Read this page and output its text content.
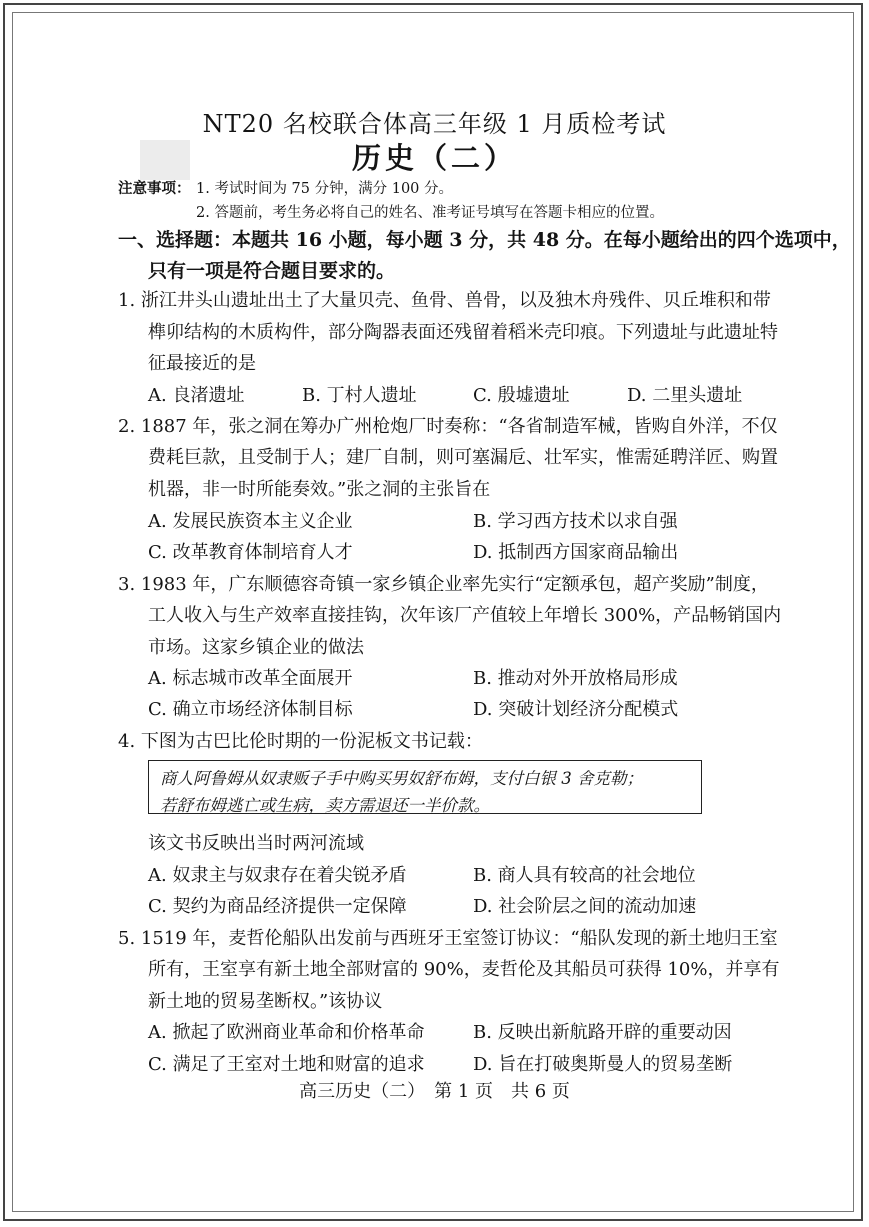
NT20 名校联合体高三年级 1 月质检考试
历史（二）
注意事项： 1. 考试时间为 75 分钟，满分 100 分。
2. 答题前，考生务必将自己的姓名、准考证号填写在答题卡相应的位置。
一、选择题：本题共 16 小题，每小题 3 分，共 48 分。在每小题给出的四个选项中，
只有一项是符合题目要求的。
1. 浙江井头山遗址出土了大量贝壳、鱼骨、兽骨，以及独木舟残件、贝丘堆积和带
榫卯结构的木质构件，部分陶器表面还残留着稻米壳印痕。下列遗址与此遗址特
征最接近的是
A. 良渚遗址	B. 丁村人遗址	C. 殷墟遗址	D. 二里头遗址
2. 1887 年，张之洞在筹办广州枪炮厂时奏称：“各省制造军械，皆购自外洋，不仅
费耗巨款，且受制于人；建厂自制，则可塞漏卮、壮军实，惟需延聘洋匠、购置
机器，非一时所能奏效。”张之洞的主张旨在
A. 发展民族资本主义企业	B. 学习西方技术以求自强
C. 改革教育体制培育人才	D. 抵制西方国家商品输出
3. 1983 年，广东顺德容奇镇一家乡镇企业率先实行“定额承包，超产奖励”制度，
工人收入与生产效率直接挂钩，次年该厂产值较上年增长 300%，产品畅销国内
市场。这家乡镇企业的做法
A. 标志城市改革全面展开	B. 推动对外开放格局形成
C. 确立市场经济体制目标	D. 突破计划经济分配模式
4. 下图为古巴比伦时期的一份泥板文书记载：
商人阿鲁姆从奴隶贩子手中购买男奴舒布姆，支付白银 3 舍克勒；
若舒布姆逃亡或生病，卖方需退还一半价款。
该文书反映出当时两河流域
A. 奴隶主与奴隶存在着尖锐矛盾	B. 商人具有较高的社会地位
C. 契约为商品经济提供一定保障	D. 社会阶层之间的流动加速
5. 1519 年，麦哲伦船队出发前与西班牙王室签订协议：“船队发现的新土地归王室
所有，王室享有新土地全部财富的 90%，麦哲伦及其船员可获得 10%，并享有
新土地的贸易垄断权。”该协议
A. 掀起了欧洲商业革命和价格革命	B. 反映出新航路开辟的重要动因
C. 满足了王室对土地和财富的追求	D. 旨在打破奥斯曼人的贸易垄断
高三历史（二）　第 1 页　共 6 页
